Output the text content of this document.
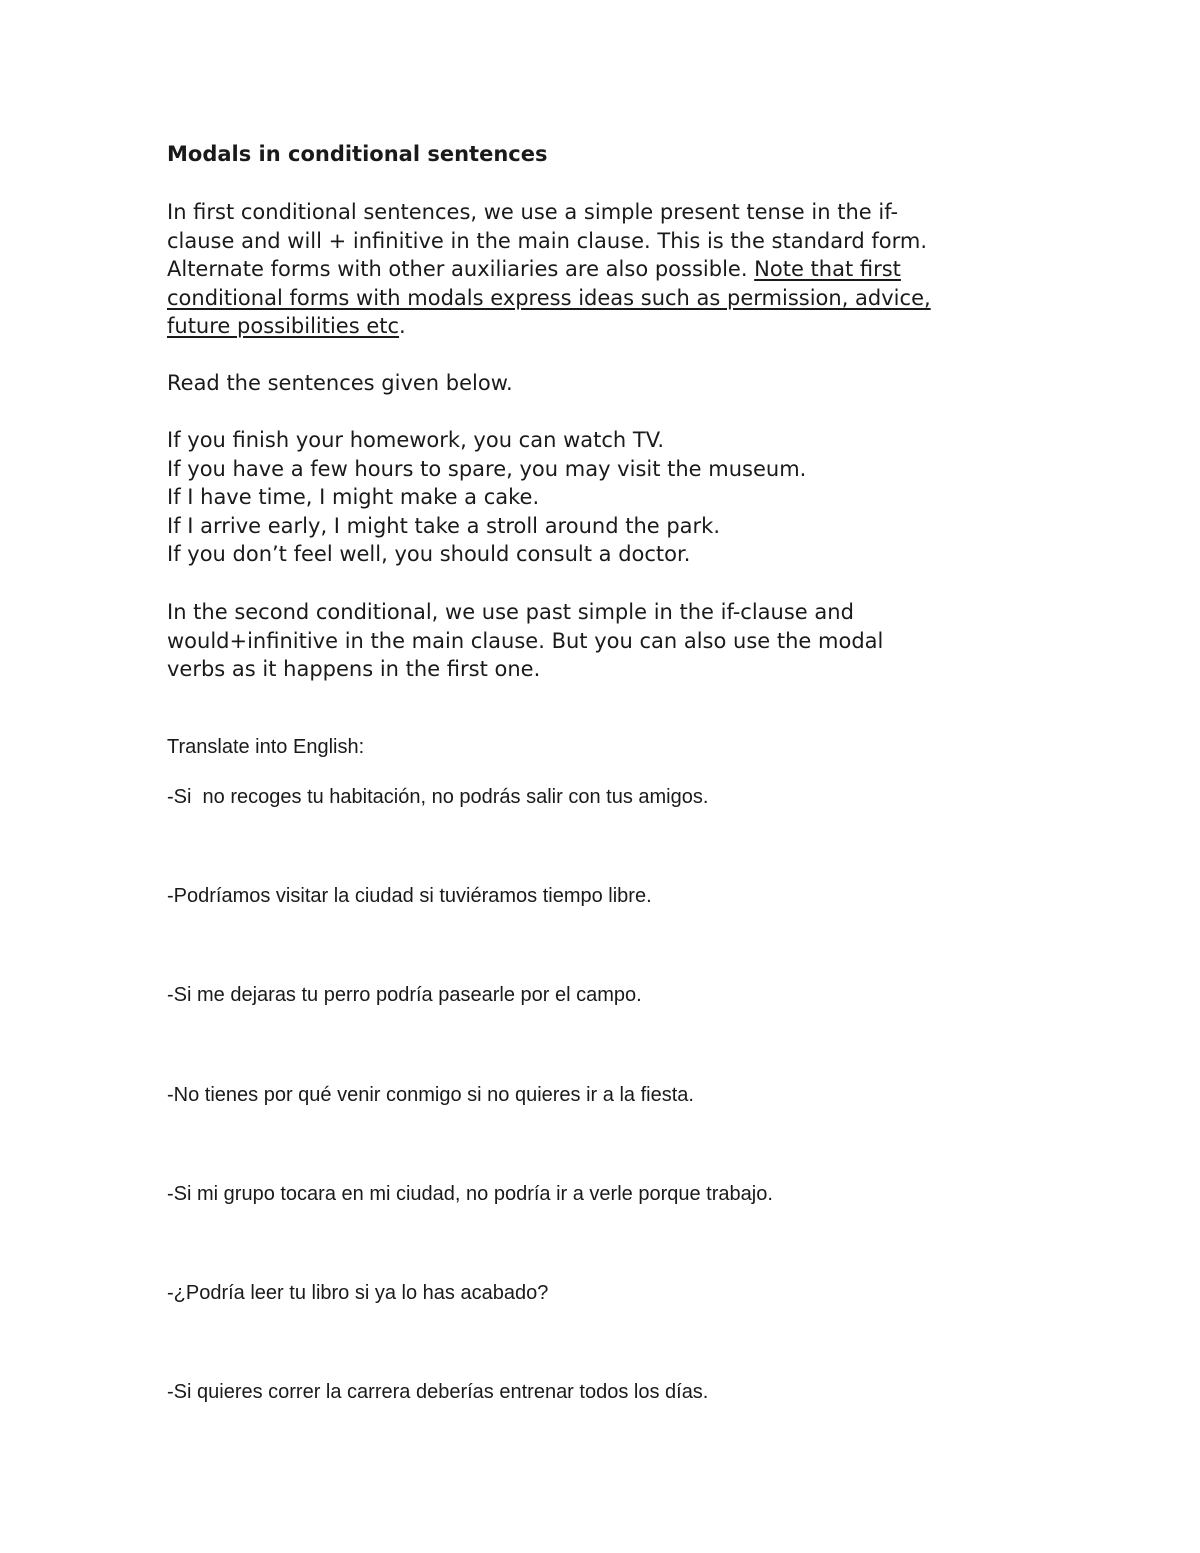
Modals in conditional sentences
In first conditional sentences, we use a simple present tense in the if-
clause and will + infinitive in the main clause. This is the standard form.
Alternate forms with other auxiliaries are also possible. Note that first
conditional forms with modals express ideas such as permission, advice,
future possibilities etc.

Read the sentences given below.

If you finish your homework, you can watch TV.
If you have a few hours to spare, you may visit the museum.
If I have time, I might make a cake.
If I arrive early, I might take a stroll around the park.
If you don’t feel well, you should consult a doctor.
In the second conditional, we use past simple in the if-clause and
would+infinitive in the main clause. But you can also use the modal
verbs as it happens in the first one.

Translate into English:

-Si  no recoges tu habitación, no podrás salir con tus amigos.

-Podríamos visitar la ciudad si tuviéramos tiempo libre.

-Si me dejaras tu perro podría pasearle por el campo.

-No tienes por qué venir conmigo si no quieres ir a la fiesta.

-Si mi grupo tocara en mi ciudad, no podría ir a verle porque trabajo.

-¿Podría leer tu libro si ya lo has acabado?

-Si quieres correr la carrera deberías entrenar todos los días.
